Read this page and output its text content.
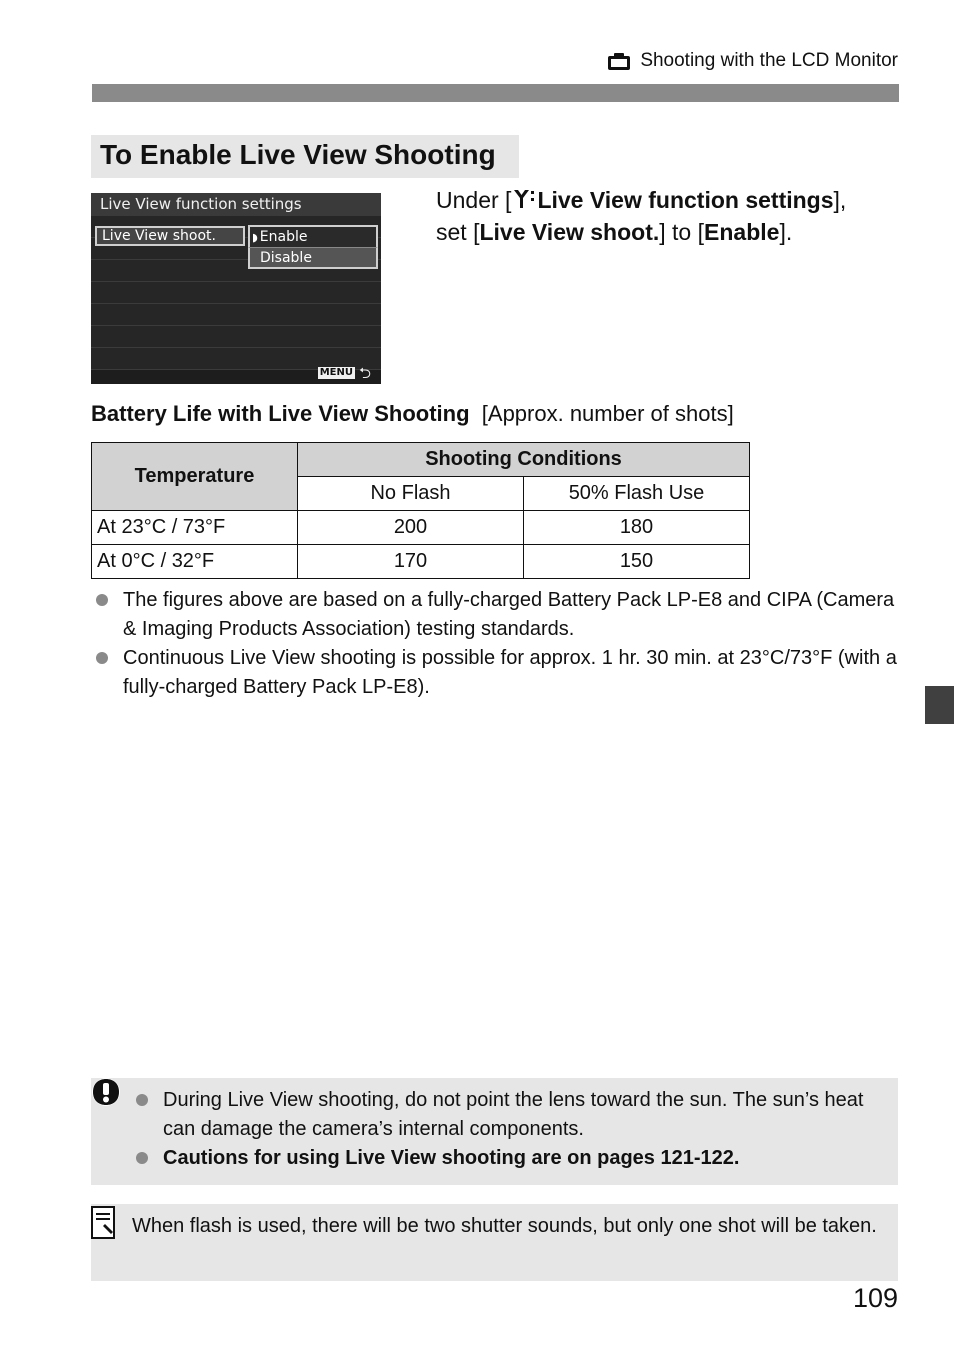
Shooting with the LCD Monitor
To Enable Live View Shooting
Live View function settings
Live View shoot.	◗ Enable
Disable
MENU ⮌
Under [ Live View function settings],
set [Live View shoot.] to [Enable].
Battery Life with Live View Shooting [Approx. number of shots]
Temperature	Shooting Conditions	
	No Flash	50% Flash Use
At 23°C / 73°F	200	180
At 0°C / 32°F	170	150
The figures above are based on a fully-charged Battery Pack LP-E8 and CIPA (Camera & Imaging Products Association) testing standards.
Continuous Live View shooting is possible for approx. 1 hr. 30 min. at 23°C/73°F (with a fully-charged Battery Pack LP-E8).
During Live View shooting, do not point the lens toward the sun. The sun’s heat can damage the camera’s internal components.
Cautions for using Live View shooting are on pages 121-122.
When flash is used, there will be two shutter sounds, but only one shot will be taken.
109
